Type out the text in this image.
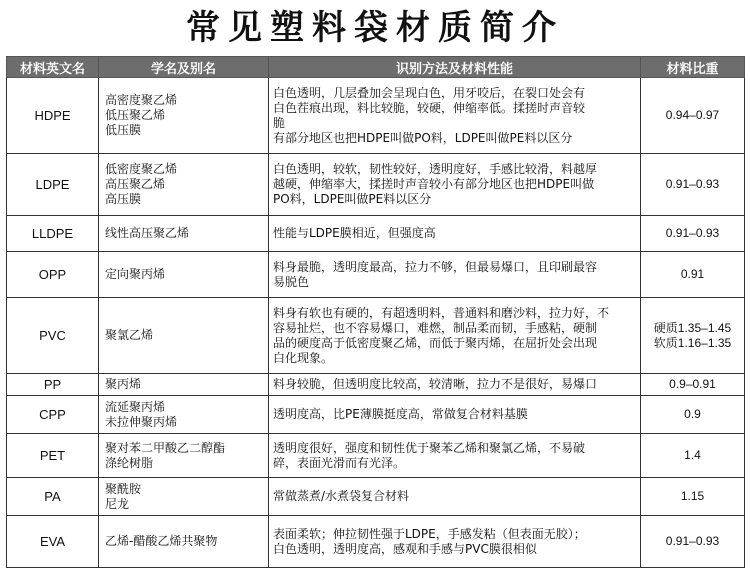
常见塑料袋材质简介
材料英文名	学名及别名	识别方法及材料性能	材料比重
HDPE	高密度聚乙烯
低压聚乙烯
低压膜	白色透明，几层叠加会呈现白色，用牙咬后，在裂口处会有
白色茬痕出现，料比较脆，较硬，伸缩率低。揉搓时声音较
脆
有部分地区也把HDPE叫做PO料，LDPE叫做PE料以区分	0.94–0.97

LDPE	低密度聚乙烯
高压聚乙烯
高压膜	白色透明，较软，韧性较好，透明度好，手感比较滑，料越厚
越硬，伸缩率大，揉搓时声音较小有部分地区也把HDPE叫做
PO料，LDPE叫做PE料以区分	0.91–0.93

LLDPE	线性高压聚乙烯	性能与LDPE膜相近，但强度高	0.91–0.93

OPP	定向聚丙烯	料身最脆，透明度最高，拉力不够，但最易爆口，且印刷最容
易脱色	0.91

PVC	聚氯乙烯	料身有软也有硬的，有超透明料，普通料和磨沙料，拉力好，不
容易扯烂，也不容易爆口，难燃，制品柔而韧，手感粘，硬制
品的硬度高于低密度聚乙烯，而低于聚丙烯，在屈折处会出现
白化现象。	硬质1.35–1.45
软质1.16–1.35

PP	聚丙烯	料身较脆，但透明度比较高，较清晰，拉力不是很好，易爆口	0.9–0.91

CPP	流延聚丙烯
未拉伸聚丙烯	透明度高，比PE薄膜挺度高，常做复合材料基膜	0.9

PET	聚对苯二甲酸乙二醇酯
涤纶树脂	透明度很好，强度和韧性优于聚苯乙烯和聚氯乙烯，不易破
碎，表面光滑而有光泽。	1.4

PA	聚酰胺
尼龙	常做蒸煮/水煮袋复合材料	1.15

EVA	乙烯-醋酸乙烯共聚物	表面柔软；伸拉韧性强于LDPE，手感发粘（但表面无胶）；
白色透明，透明度高，感观和手感与PVC膜很相似	0.91–0.93
